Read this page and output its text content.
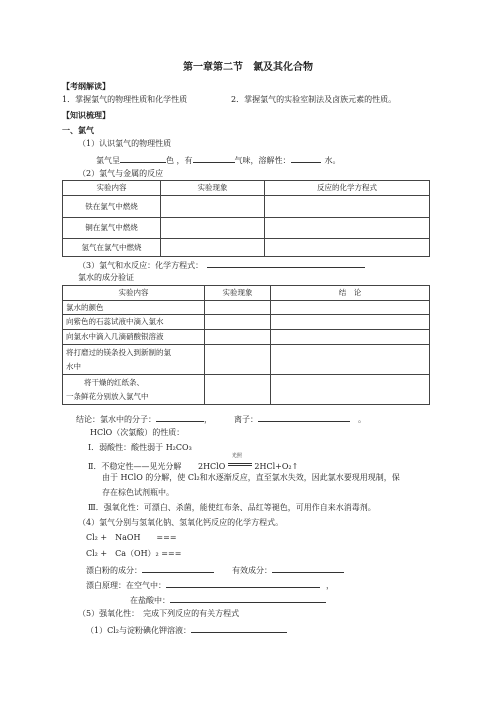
第一章第二节　氯及其化合物
【考纲解读】
1．掌握氯气的物理性质和化学性质	2．掌握氯气的实验室制法及卤族元素的性质。
【知识梳理】
一、氯气
（1）认识氯气的物理性质
氯气呈	色 ，有	气味，溶解性：	水。
（2）氯气与金属的反应
实验内容	实验现象	反应的化学方程式
铁在氯气中燃烧		
铜在氯气中燃烧		
氢气在氯气中燃烧		
（3）氯气和水反应：化学方程式：
氯水的成分验证
实验内容	实验现象	结　论
氯水的颜色		
向紫色的石蕊试液中滴入氯水		
向氯水中滴入几滴硝酸银溶液		

将打磨过的镁条投入到新制的氯
水中		

将干燥的红纸条、
一条鲜花分别放入氯气中		

结论：氯水中的分子：	，	离子：	。
HClO（次氯酸）的性质：
Ⅰ．弱酸性：酸性弱于 H₂CO₃
Ⅱ．不稳定性——见光分解 2HClO
光照
2HCl+O₂↑
由于 HClO 的分解，使 Cl₂和水逐渐反应，直至氯水失效，因此氯水要现用现制，保
存在棕色试剂瓶中。
Ⅲ．强氧化性：可漂白、杀菌，能使红布条、品红等褪色，可用作自来水消毒剂。
（4）氯气分别与氢氧化钠、氢氧化钙反应的化学方程式。
Cl₂ +　NaOH　　===
Cl₂ +　Ca（OH）₂ ===
漂白粉的成分：	有效成分：
漂白原理：在空气中：	，
在盐酸中：
（5）强氧化性：　完成下列反应的有关方程式
（1）Cl₂与淀粉碘化钾溶液：
